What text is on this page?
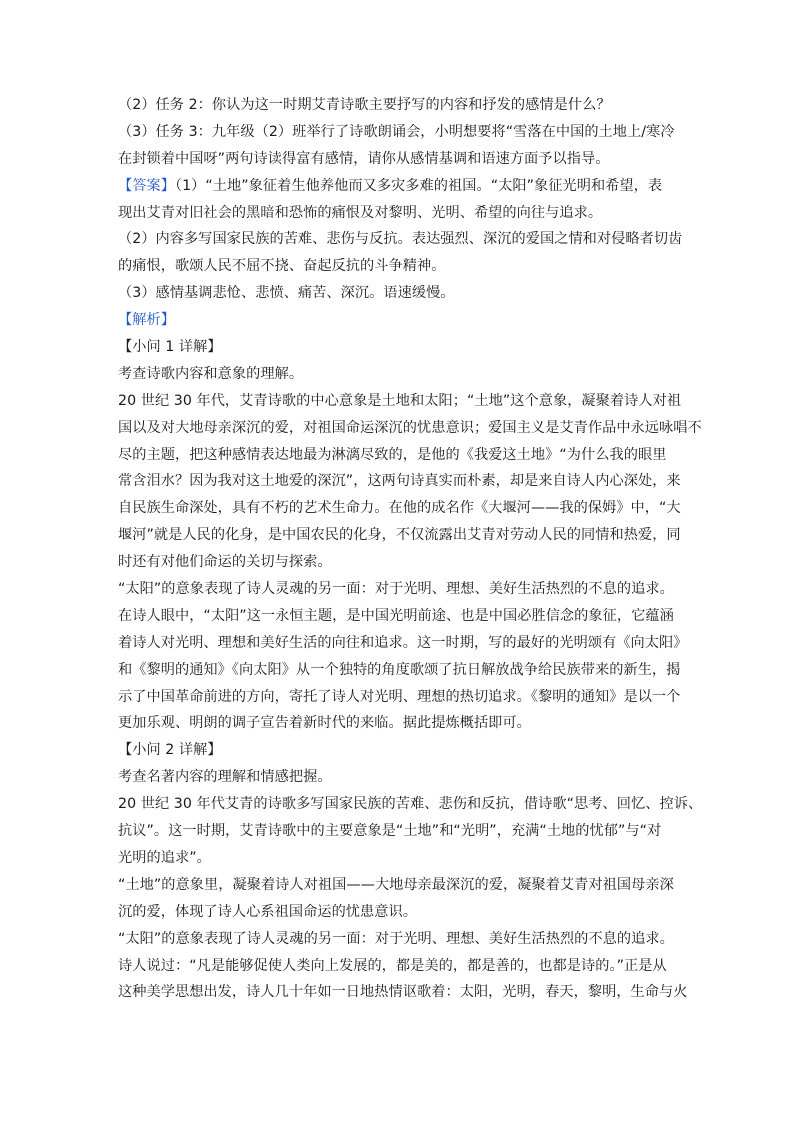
（2）任务 2：你认为这一时期艾青诗歌主要抒写的内容和抒发的感情是什么？
（3）任务 3：九年级（2）班举行了诗歌朗诵会，小明想要将“雪落在中国的土地上/寒冷
在封锁着中国呀”两句诗读得富有感情，请你从感情基调和语速方面予以指导。
【答案】（1）“土地”象征着生他养他而又多灾多难的祖国。“太阳”象征光明和希望，表
现出艾青对旧社会的黑暗和恐怖的痛恨及对黎明、光明、希望的向往与追求。
（2）内容多写国家民族的苦难、悲伤与反抗。表达强烈、深沉的爱国之情和对侵略者切齿
的痛恨，歌颂人民不屈不挠、奋起反抗的斗争精神。
（3）感情基调悲怆、悲愤、痛苦、深沉。语速缓慢。
【解析】
【小问 1 详解】
考查诗歌内容和意象的理解。
20 世纪 30 年代，艾青诗歌的中心意象是土地和太阳；“土地”这个意象，凝聚着诗人对祖
国以及对大地母亲深沉的爱，对祖国命运深沉的忧患意识；爱国主义是艾青作品中永远咏唱不
尽的主题，把这种感情表达地最为淋漓尽致的，是他的《我爱这土地》“为什么我的眼里
常含泪水？因为我对这土地爱的深沉”，这两句诗真实而朴素，却是来自诗人内心深处，来
自民族生命深处，具有不朽的艺术生命力。在他的成名作《大堰河——我的保姆》中，“大
堰河”就是人民的化身，是中国农民的化身，不仅流露出艾青对劳动人民的同情和热爱，同
时还有对他们命运的关切与探索。
“太阳”的意象表现了诗人灵魂的另一面：对于光明、理想、美好生活热烈的不息的追求。
在诗人眼中，“太阳”这一永恒主题，是中国光明前途、也是中国必胜信念的象征，它蕴涵
着诗人对光明、理想和美好生活的向往和追求。这一时期，写的最好的光明颂有《向太阳》
和《黎明的通知》《向太阳》从一个独特的角度歌颂了抗日解放战争给民族带来的新生，揭
示了中国革命前进的方向，寄托了诗人对光明、理想的热切追求。《黎明的通知》是以一个
更加乐观、明朗的调子宣告着新时代的来临。据此提炼概括即可。
【小问 2 详解】
考查名著内容的理解和情感把握。
20 世纪 30 年代艾青的诗歌多写国家民族的苦难、悲伤和反抗，借诗歌“思考、回忆、控诉、
抗议”。这一时期，艾青诗歌中的主要意象是“土地”和“光明”，充满“土地的忧郁”与“对
光明的追求”。
“土地”的意象里，凝聚着诗人对祖国——大地母亲最深沉的爱，凝聚着艾青对祖国母亲深
沉的爱，体现了诗人心系祖国命运的忧患意识。
“太阳”的意象表现了诗人灵魂的另一面：对于光明、理想、美好生活热烈的不息的追求。
诗人说过：“凡是能够促使人类向上发展的，都是美的，都是善的，也都是诗的。”正是从
这种美学思想出发，诗人几十年如一日地热情讴歌着：太阳，光明，春天，黎明，生命与火
